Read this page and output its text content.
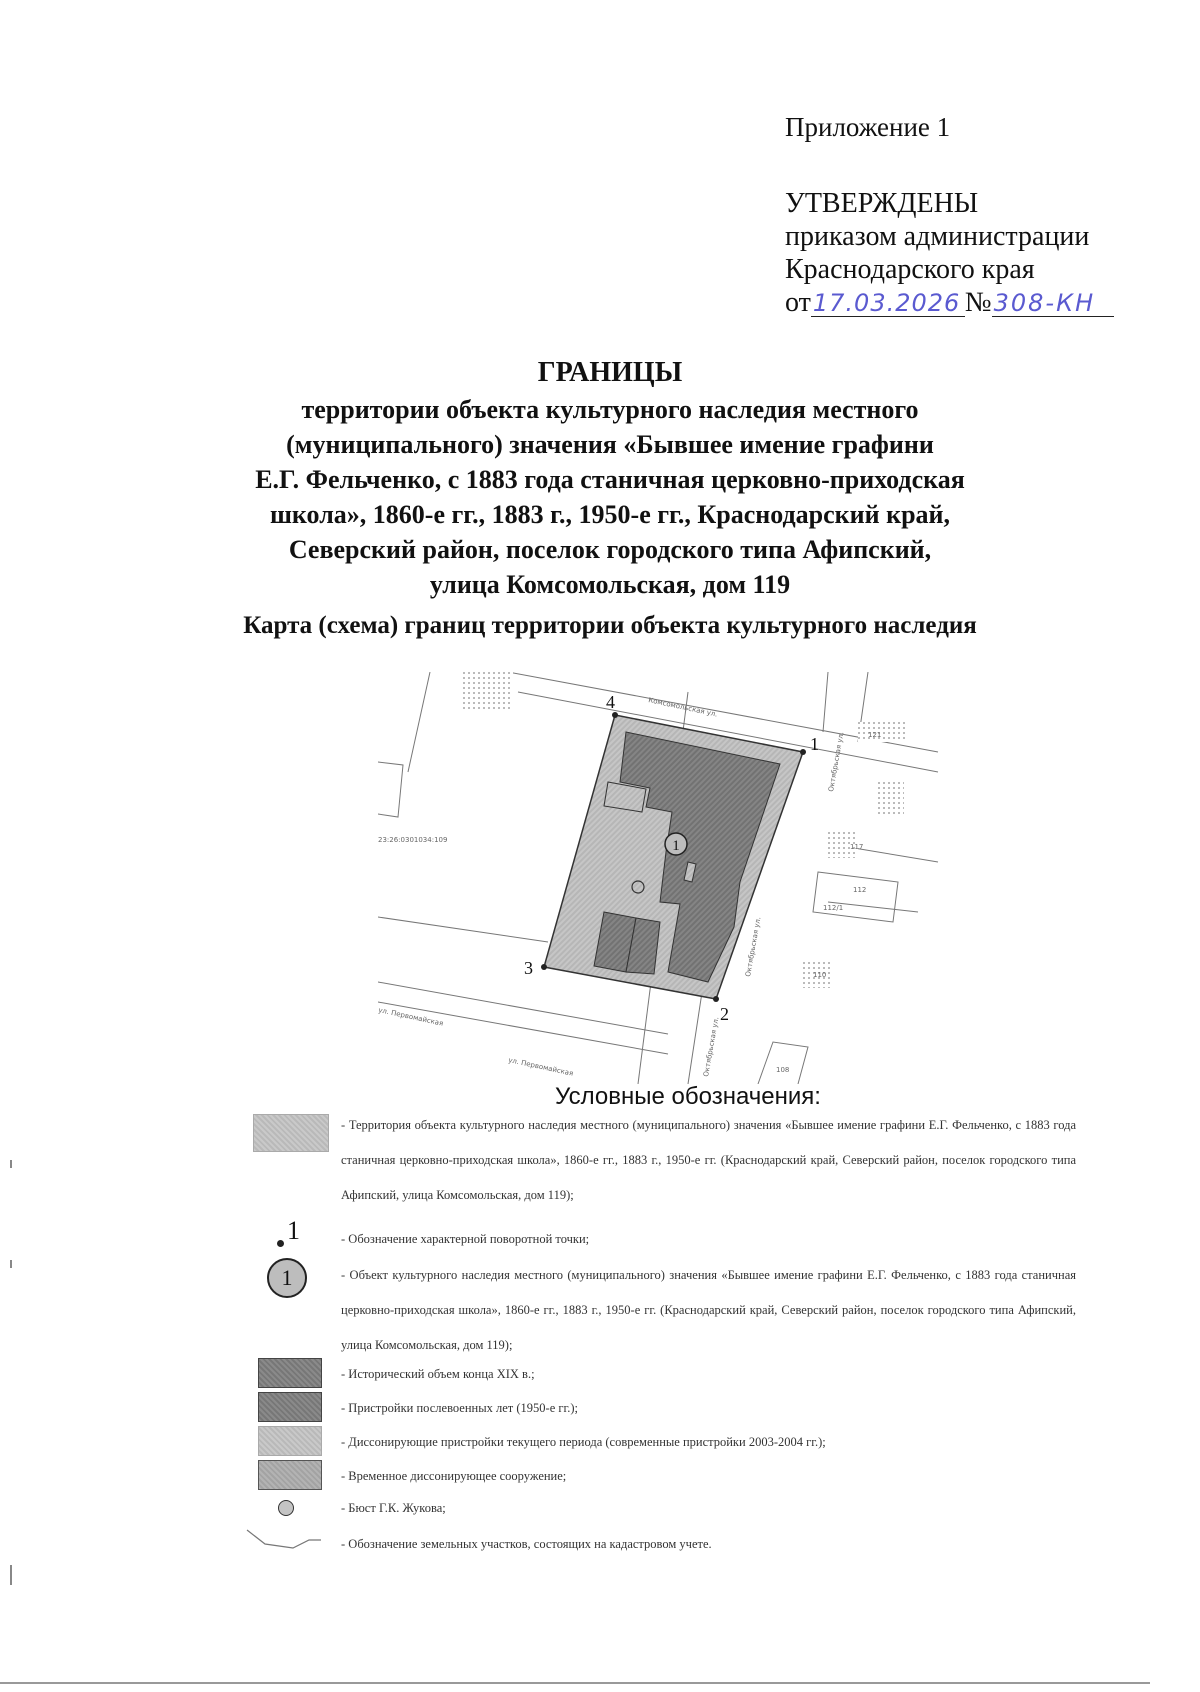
Приложение 1
УТВЕРЖДЕНЫ
приказом администрации
Краснодарского края
от17.03.2026 №308-КН
ГРАНИЦЫ
территории объекта культурного наследия местного
(муниципального) значения «Бывшее имение графини
Е.Г. Фельченко, с 1883 года станичная церковно-приходская
школа», 1860-е гг., 1883 г., 1950-е гг., Краснодарский край,
Северский район, поселок городского типа Афипский,
улица Комсомольская, дом 119
Карта (схема) границ территории объекта культурного наследия
1
1
2
3
4
23:26:0301034:109
Комсомольская ул.
Октябрьская ул.
ул. Первомайская
ул. Первомайская
Октябрьская ул.
Октябрьская ул.
117
121
112
110
108
112/1
Условные обозначения:
- Территория объекта культурного наследия местного (муниципального) значения «Бывшее имение графини Е.Г. Фельченко, с 1883 года станичная церковно-приходская школа», 1860-е гг., 1883 г., 1950-е гг. (Краснодарский край, Северский район, поселок городского типа Афипский, улица Комсомольская, дом 119);
1	- Обозначение характерной поворотной точки;
1	- Объект культурного наследия местного (муниципального) значения «Бывшее имение графини Е.Г. Фельченко, с 1883 года станичная церковно-приходская школа», 1860-е гг., 1883 г., 1950-е гг. (Краснодарский край, Северский район, поселок городского типа Афипский, улица Комсомольская, дом 119);
- Исторический объем конца XIX в.;
- Пристройки послевоенных лет (1950-е гг.);
- Диссонирующие пристройки текущего периода (современные пристройки 2003-2004 гг.);
- Временное диссонирующее сооружение;
- Бюст Г.К. Жукова;
- Обозначение земельных участков, состоящих на кадастровом учете.
